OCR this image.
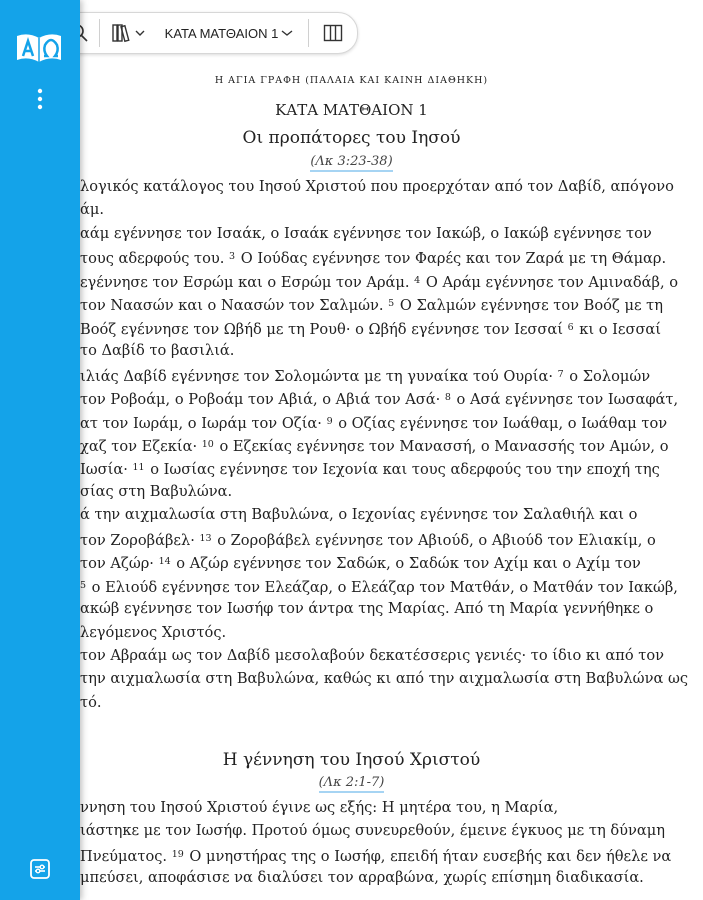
Η ΑΓΙΑ ΓΡΑΦΗ (ΠΑΛΑΙΑ ΚΑΙ ΚΑΙΝΗ ΔΙΑΘΗΚΗ)
ΚΑΤΑ ΜΑΤΘΑΙΟΝ 1
Οι προπάτορες του Ιησού
(Λκ 3:23-38)
λογικός κατάλογος του Ιησού Χριστού που προερχόταν από τον Δαβίδ, απόγονο
άμ.
αάμ εγέννησε τον Ισαάκ, ο Ισαάκ εγέννησε τον Ιακώβ, ο Ιακώβ εγέννησε τον
τους αδερφούς του. $^3$ Ο Ιούδας εγέννησε τον Φαρές και τον Ζαρά με τη Θάμαρ.
εγέννησε τον Εσρώμ και ο Εσρώμ τον Αράμ. $^4$ Ο Αράμ εγέννησε τον Αμιναδάβ, ο
τον Ναασών και ο Ναασών τον Σαλμών. $^5$ Ο Σαλμών εγέννησε τον Βοόζ με τη
Βοόζ εγέννησε τον Ωβήδ με τη Ρουθ· ο Ωβήδ εγέννησε τον Ιεσσαί $^6$ κι ο Ιεσσαί
το Δαβίδ το βασιλιά.
ιλιάς Δαβίδ εγέννησε τον Σολομώντα με τη γυναίκα τού Ουρία· $^7$ ο Σολομών
τον Ροβοάμ, ο Ροβοάμ τον Αβιά, ο Αβιά τον Ασά· $^8$ ο Ασά εγέννησε τον Ιωσαφάτ,
ατ τον Ιωράμ, ο Ιωράμ τον Οζία· $^9$ ο Οζίας εγέννησε τον Ιωάθαμ, ο Ιωάθαμ τον
χαζ τον Εζεκία· $^{10}$ ο Εζεκίας εγέννησε τον Μανασσή, ο Μανασσής τον Αμών, ο
Ιωσία· $^{11}$ ο Ιωσίας εγέννησε τον Ιεχονία και τους αδερφούς του την εποχή της
σίας στη Βαβυλώνα.
ά την αιχμαλωσία στη Βαβυλώνα, ο Ιεχονίας εγέννησε τον Σαλαθιήλ και ο
τον Ζοροβάβελ· $^{13}$ ο Ζοροβάβελ εγέννησε τον Αβιούδ, ο Αβιούδ τον Ελιακίμ, ο
τον Αζώρ· $^{14}$ ο Αζώρ εγέννησε τον Σαδώκ, ο Σαδώκ τον Αχίμ και ο Αχίμ τον
$^5$ ο Ελιούδ εγέννησε τον Ελεάζαρ, ο Ελεάζαρ τον Ματθάν, ο Ματθάν τον Ιακώβ,
ακώβ εγέννησε τον Ιωσήφ τον άντρα της Μαρίας. Από τη Μαρία γεννήθηκε ο
λεγόμενος Χριστός.
τον Αβραάμ ως τον Δαβίδ μεσολαβούν δεκατέσσερις γενιές· το ίδιο κι από τον
την αιχμαλωσία στη Βαβυλώνα, καθώς κι από την αιχμαλωσία στη Βαβυλώνα ως
τό.
Η γέννηση του Ιησού Χριστού
(Λκ 2:1-7)
ννηση του Ιησού Χριστού έγινε ως εξής: Η μητέρα του, η Μαρία,
ιάστηκε με τον Ιωσήφ. Προτού όμως συνευρεθούν, έμεινε έγκυος με τη δύναμη
Πνεύματος. $^{19}$ Ο μνηστήρας της ο Ιωσήφ, επειδή ήταν ευσεβής και δεν ήθελε να
μπεύσει, αποφάσισε να διαλύσει τον αρραβώνα, χωρίς επίσημη διαδικασία.
ΚΑΤΑ ΜΑΤΘΑΙΟΝ 1
